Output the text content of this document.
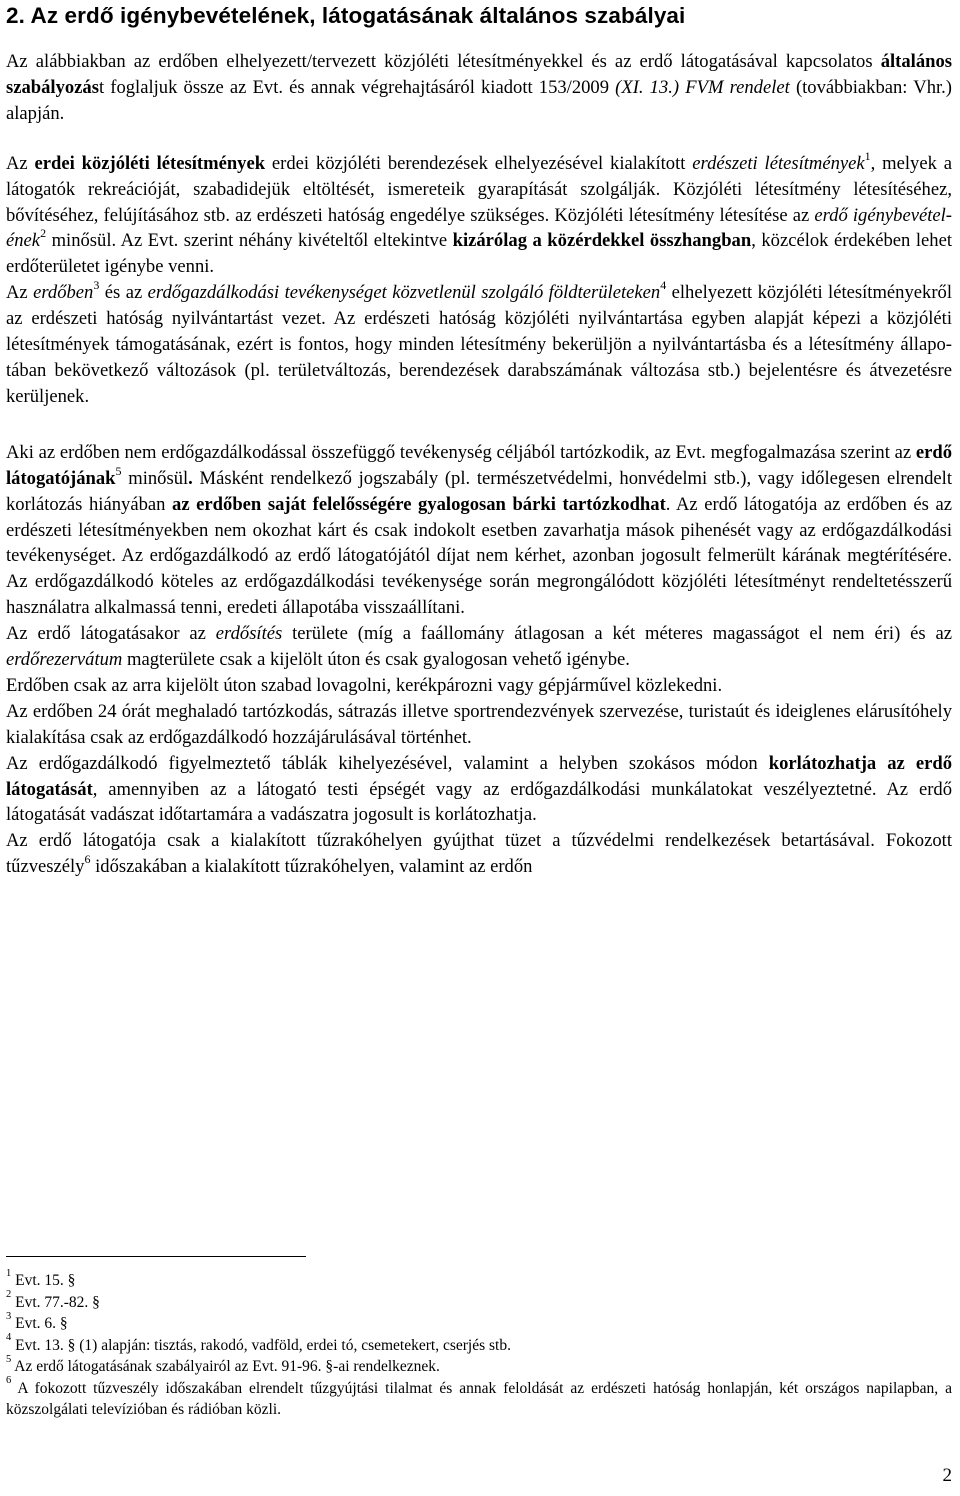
2. Az erdő igénybevételének, látogatásának általános szabályai

Az alábbiakban az erdőben elhelyezett/tervezett közjóléti létesítményekkel és az erdő látogatásával kapcsolatos általános szabályozást foglaljuk össze az Evt. és annak végrehajtásáról kiadott 153/2009 (XI. 13.) FVM rendelet (továbbiakban: Vhr.) alapján.

Az erdei közjóléti létesítmények erdei közjóléti berendezések elhelyezésével kialakított erdészeti létesítmények$^1$, melyek a látogatók rekreációját, szabadidejük eltöltését, ismereteik gyarapítását szolgálják. Közjóléti létesítmény létesítéséhez, bővítéséhez, felújításához stb. az erdészeti hatóság engedélye szükséges. Közjóléti létesítmény létesítése az erdő igénybevételének$^2$ minősül. Az Evt. szerint néhány kivételtől eltekintve kizárólag a közérdekkel összhangban, közcélok érdekében lehet erdőterületet igénybe venni.

Az erdőben$^3$ és az erdőgazdálkodási tevékenységet közvetlenül szolgáló földterületeken$^4$ elhelyezett közjóléti létesítményekről az erdészeti hatóság nyilvántartást vezet. Az erdészeti hatóság közjóléti nyilvántartása egyben alapját képezi a közjóléti létesítmények támogatásának, ezért is fontos, hogy minden létesítmény bekerüljön a nyilvántartásba és a létesítmény állapotában bekövetkező változások (pl. területváltozás, berendezések darabszámának változása stb.) bejelentésre és átvezetésre kerüljenek.

Aki az erdőben nem erdőgazdálkodással összefüggő tevékenység céljából tartózkodik, az Evt. megfogalmazása szerint az erdő látogatójának$^5$ minősül. Másként rendelkező jogszabály (pl. természetvédelmi, honvédelmi stb.), vagy időlegesen elrendelt korlátozás hiányában az erdőben saját felelősségére gyalogosan bárki tartózkodhat. Az erdő látogatója az erdőben és az erdészeti létesítményekben nem okozhat kárt és csak indokolt esetben zavarhatja mások pihenését vagy az erdőgazdálkodási tevékenységet. Az erdőgazdálkodó az erdő látogatójától díjat nem kérhet, azonban jogosult felmerült kárának megtérítésére. Az erdőgazdálkodó köteles az erdőgazdálkodási tevékenysége során megrongálódott közjóléti létesítményt rendeltetésszerű használatra alkalmassá tenni, eredeti állapotába visszaállítani.

Az erdő látogatásakor az erdősítés területe (míg a faállomány átlagosan a két méteres magasságot el nem éri) és az erdőrezervátum magterülete csak a kijelölt úton és csak gyalogosan vehető igénybe.

Erdőben csak az arra kijelölt úton szabad lovagolni, kerékpározni vagy gépjárművel közlekedni.

Az erdőben 24 órát meghaladó tartózkodás, sátrazás illetve sportrendezvények szervezése, turistaút és ideiglenes elárusítóhely kialakítása csak az erdőgazdálkodó hozzájárulásával történhet.

Az erdőgazdálkodó figyelmeztető táblák kihelyezésével, valamint a helyben szokásos módon korlátozhatja az erdő látogatását, amennyiben az a látogató testi épségét vagy az erdőgazdálkodási munkálatokat veszélyeztetné. Az erdő látogatását vadászat időtartamára a vadászatra jogosult is korlátozhatja.

Az erdő látogatója csak a kialakított tűzrakóhelyen gyújthat tüzet a tűzvédelmi rendelkezések betartásával. Fokozott tűzveszély$^6$ időszakában a kialakított tűzrakóhelyen, valamint az erdőn

$^1$ Evt. 15. §

$^2$ Evt. 77.-82. §

$^3$ Evt. 6. §

$^4$ Evt. 13. § (1) alapján: tisztás, rakodó, vadföld, erdei tó, csemetekert, cserjés stb.

$^5$ Az erdő látogatásának szabályairól az Evt. 91-96. §-ai rendelkeznek.

$^6$ A fokozott tűzveszély időszakában elrendelt tűzgyújtási tilalmat és annak feloldását az erdészeti hatóság honlapján, két országos napilapban, a közszolgálati televízióban és rádióban közli.

2
